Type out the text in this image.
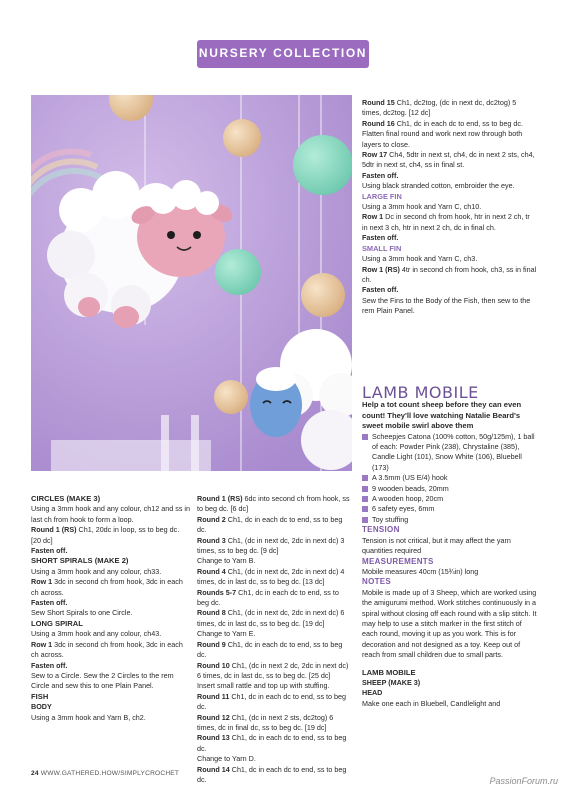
NURSERY COLLECTION

Round 15 Ch1, dc2tog, (dc in next dc, dc2tog) 5 times, dc2tog. [12 dc]

Round 16 Ch1, dc in each dc to end, ss to beg dc.

Flatten final round and work next row through both layers to close.

Row 17 Ch4, 5dtr in next st, ch4, dc in next 2 sts, ch4, 5dtr in next st, ch4, ss in final st.

Fasten off.

Using black stranded cotton, embroider the eye.

LARGE FIN

Using a 3mm hook and Yarn C, ch10.

Row 1 Dc in second ch from hook, htr in next 2 ch, tr in next 3 ch, htr in next 2 ch, dc in final ch.

Fasten off.

SMALL FIN

Using a 3mm hook and Yarn C, ch3.

Row 1 (RS) 4tr in second ch from hook, ch3, ss in final ch.

Fasten off.

Sew the Fins to the Body of the Fish, then sew to the rem Plain Panel.

LAMB MOBILE

Help a tot count sheep before they can even count! They'll love watching Natalie Beard's sweet mobile swirl above them

Scheepjes Catona (100% cotton, 50g/125m), 1 ball of each: Powder Pink (238), Chrystaline (385), Candle Light (101), Snow White (106), Bluebell (173)
A 3.5mm (US E/4) hook
9 wooden beads, 20mm
A wooden hoop, 20cm
6 safety eyes, 6mm
Toy stuffing

TENSION

Tension is not critical, but it may affect the yarn quantities required

MEASUREMENTS

Mobile measures 40cm (15¾in) long

NOTES

Mobile is made up of 3 Sheep, which are worked using the amigurumi method. Work stitches continuously in a spiral without closing off each round with a slip stitch. It may help to use a stitch marker in the first stitch of each round, moving it up as you work. This is for decoration and not designed as a toy. Keep out of reach from small children due to small parts.

LAMB MOBILE

SHEEP (MAKE 3)

HEAD

Make one each in Bluebell, Candlelight and

CIRCLES (MAKE 3)

Using a 3mm hook and any colour, ch12 and ss in last ch from hook to form a loop.

Round 1 (RS) Ch1, 20dc in loop, ss to beg dc. [20 dc]

Fasten off.

SHORT SPIRALS (MAKE 2)

Using a 3mm hook and any colour, ch33.

Row 1 3dc in second ch from hook, 3dc in each ch across.

Fasten off.

Sew Short Spirals to one Circle.

LONG SPIRAL

Using a 3mm hook and any colour, ch43.

Row 1 3dc in second ch from hook, 3dc in each ch across.

Fasten off.

Sew to a Circle. Sew the 2 Circles to the rem Circle and sew this to one Plain Panel.

FISH

BODY

Using a 3mm hook and Yarn B, ch2.

Round 1 (RS) 6dc into second ch from hook, ss to beg dc. [6 dc]

Round 2 Ch1, dc in each dc to end, ss to beg dc.

Round 3 Ch1, (dc in next dc, 2dc in next dc) 3 times, ss to beg dc. [9 dc]

Change to Yarn B.

Round 4 Ch1, (dc in next dc, 2dc in next dc) 4 times, dc in last dc, ss to beg dc. [13 dc]

Rounds 5-7 Ch1, dc in each dc to end, ss to beg dc.

Round 8 Ch1, (dc in next dc, 2dc in next dc) 6 times, dc in last dc, ss to beg dc. [19 dc]

Change to Yarn E.

Round 9 Ch1, dc in each dc to end, ss to beg dc.

Round 10 Ch1, (dc in next 2 dc, 2dc in next dc) 6 times, dc in last dc, ss to beg dc. [25 dc]

Insert small rattle and top up with stuffing.

Round 11 Ch1, dc in each dc to end, ss to beg dc.

Round 12 Ch1, (dc in next 2 sts, dc2tog) 6 times, dc in final dc, ss to beg dc. [19 dc]

Round 13 Ch1, dc in each dc to end, ss to beg dc.

Change to Yarn D.

Round 14 Ch1, dc in each dc to end, ss to beg dc.

24 WWW.GATHERED.HOW/SIMPLYCROCHET
PassionForum.ru
